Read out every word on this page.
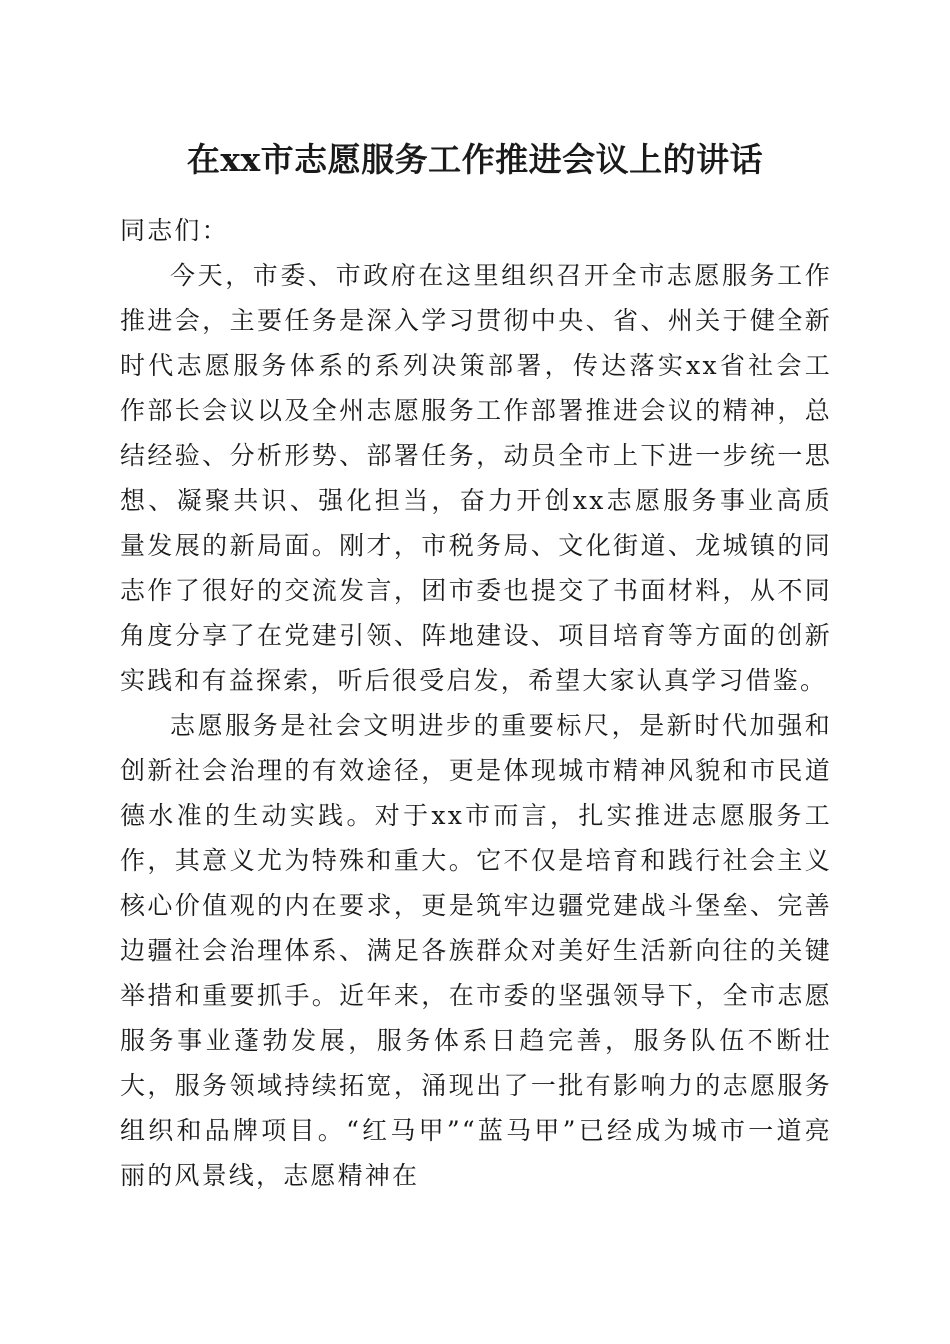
在xx市志愿服务工作推进会议上的讲话

同志们：

今天，市委、市政府在这里组织召开全市志愿服务工作推进会，主要任务是深入学习贯彻中央、省、州关于健全新时代志愿服务体系的系列决策部署，传达落实xx省社会工作部长会议以及全州志愿服务工作部署推进会议的精神，总结经验、分析形势、部署任务，动员全市上下进一步统一思想、凝聚共识、强化担当，奋力开创xx志愿服务事业高质量发展的新局面。刚才，市税务局、文化街道、龙城镇的同志作了很好的交流发言，团市委也提交了书面材料，从不同角度分享了在党建引领、阵地建设、项目培育等方面的创新实践和有益探索，听后很受启发，希望大家认真学习借鉴。

志愿服务是社会文明进步的重要标尺，是新时代加强和创新社会治理的有效途径，更是体现城市精神风貌和市民道德水准的生动实践。对于xx市而言，扎实推进志愿服务工作，其意义尤为特殊和重大。它不仅是培育和践行社会主义核心价值观的内在要求，更是筑牢边疆党建战斗堡垒、完善边疆社会治理体系、满足各族群众对美好生活新向往的关键举措和重要抓手。近年来，在市委的坚强领导下，全市志愿服务事业蓬勃发展，服务体系日趋完善，服务队伍不断壮大，服务领域持续拓宽，涌现出了一批有影响力的志愿服务组织和品牌项目。“红马甲”“蓝马甲”已经成为城市一道亮丽的风景线，志愿精神在
